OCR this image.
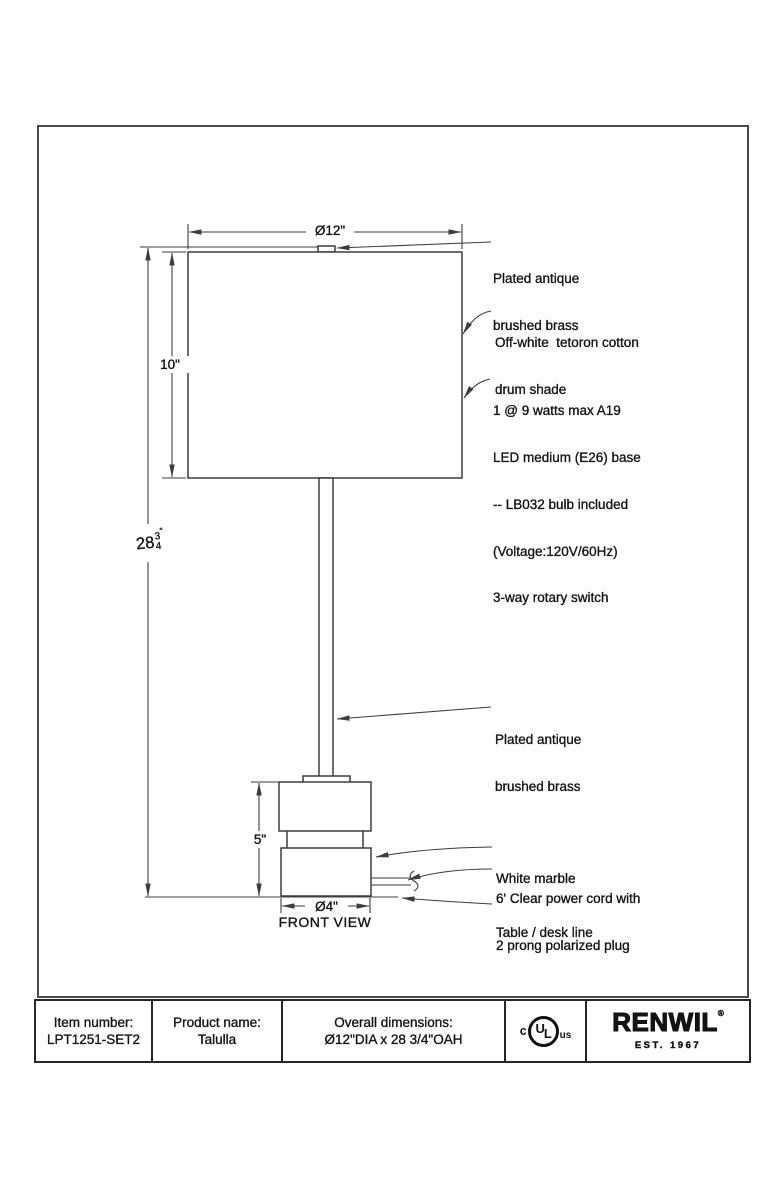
Ø12"
10"
28
3
4
"
5"
Ø4"
FRONT VIEW

Plated antique

brushed brass

Off-white  tetoron cotton

drum shade

1 @ 9 watts max A19

LED medium (E26) base

-- LB032 bulb included

(Voltage:120V/60Hz)

3-way rotary switch

Plated antique

brushed brass

White marble

6' Clear power cord with

2 prong polarized plug

Table / desk line

Item number:
LPT1251-SET2
Product name:
Talulla
Overall dimensions:
Ø12"DIA x 28 3/4"OAH
c U L us RENWIL ®
EST. 1967
